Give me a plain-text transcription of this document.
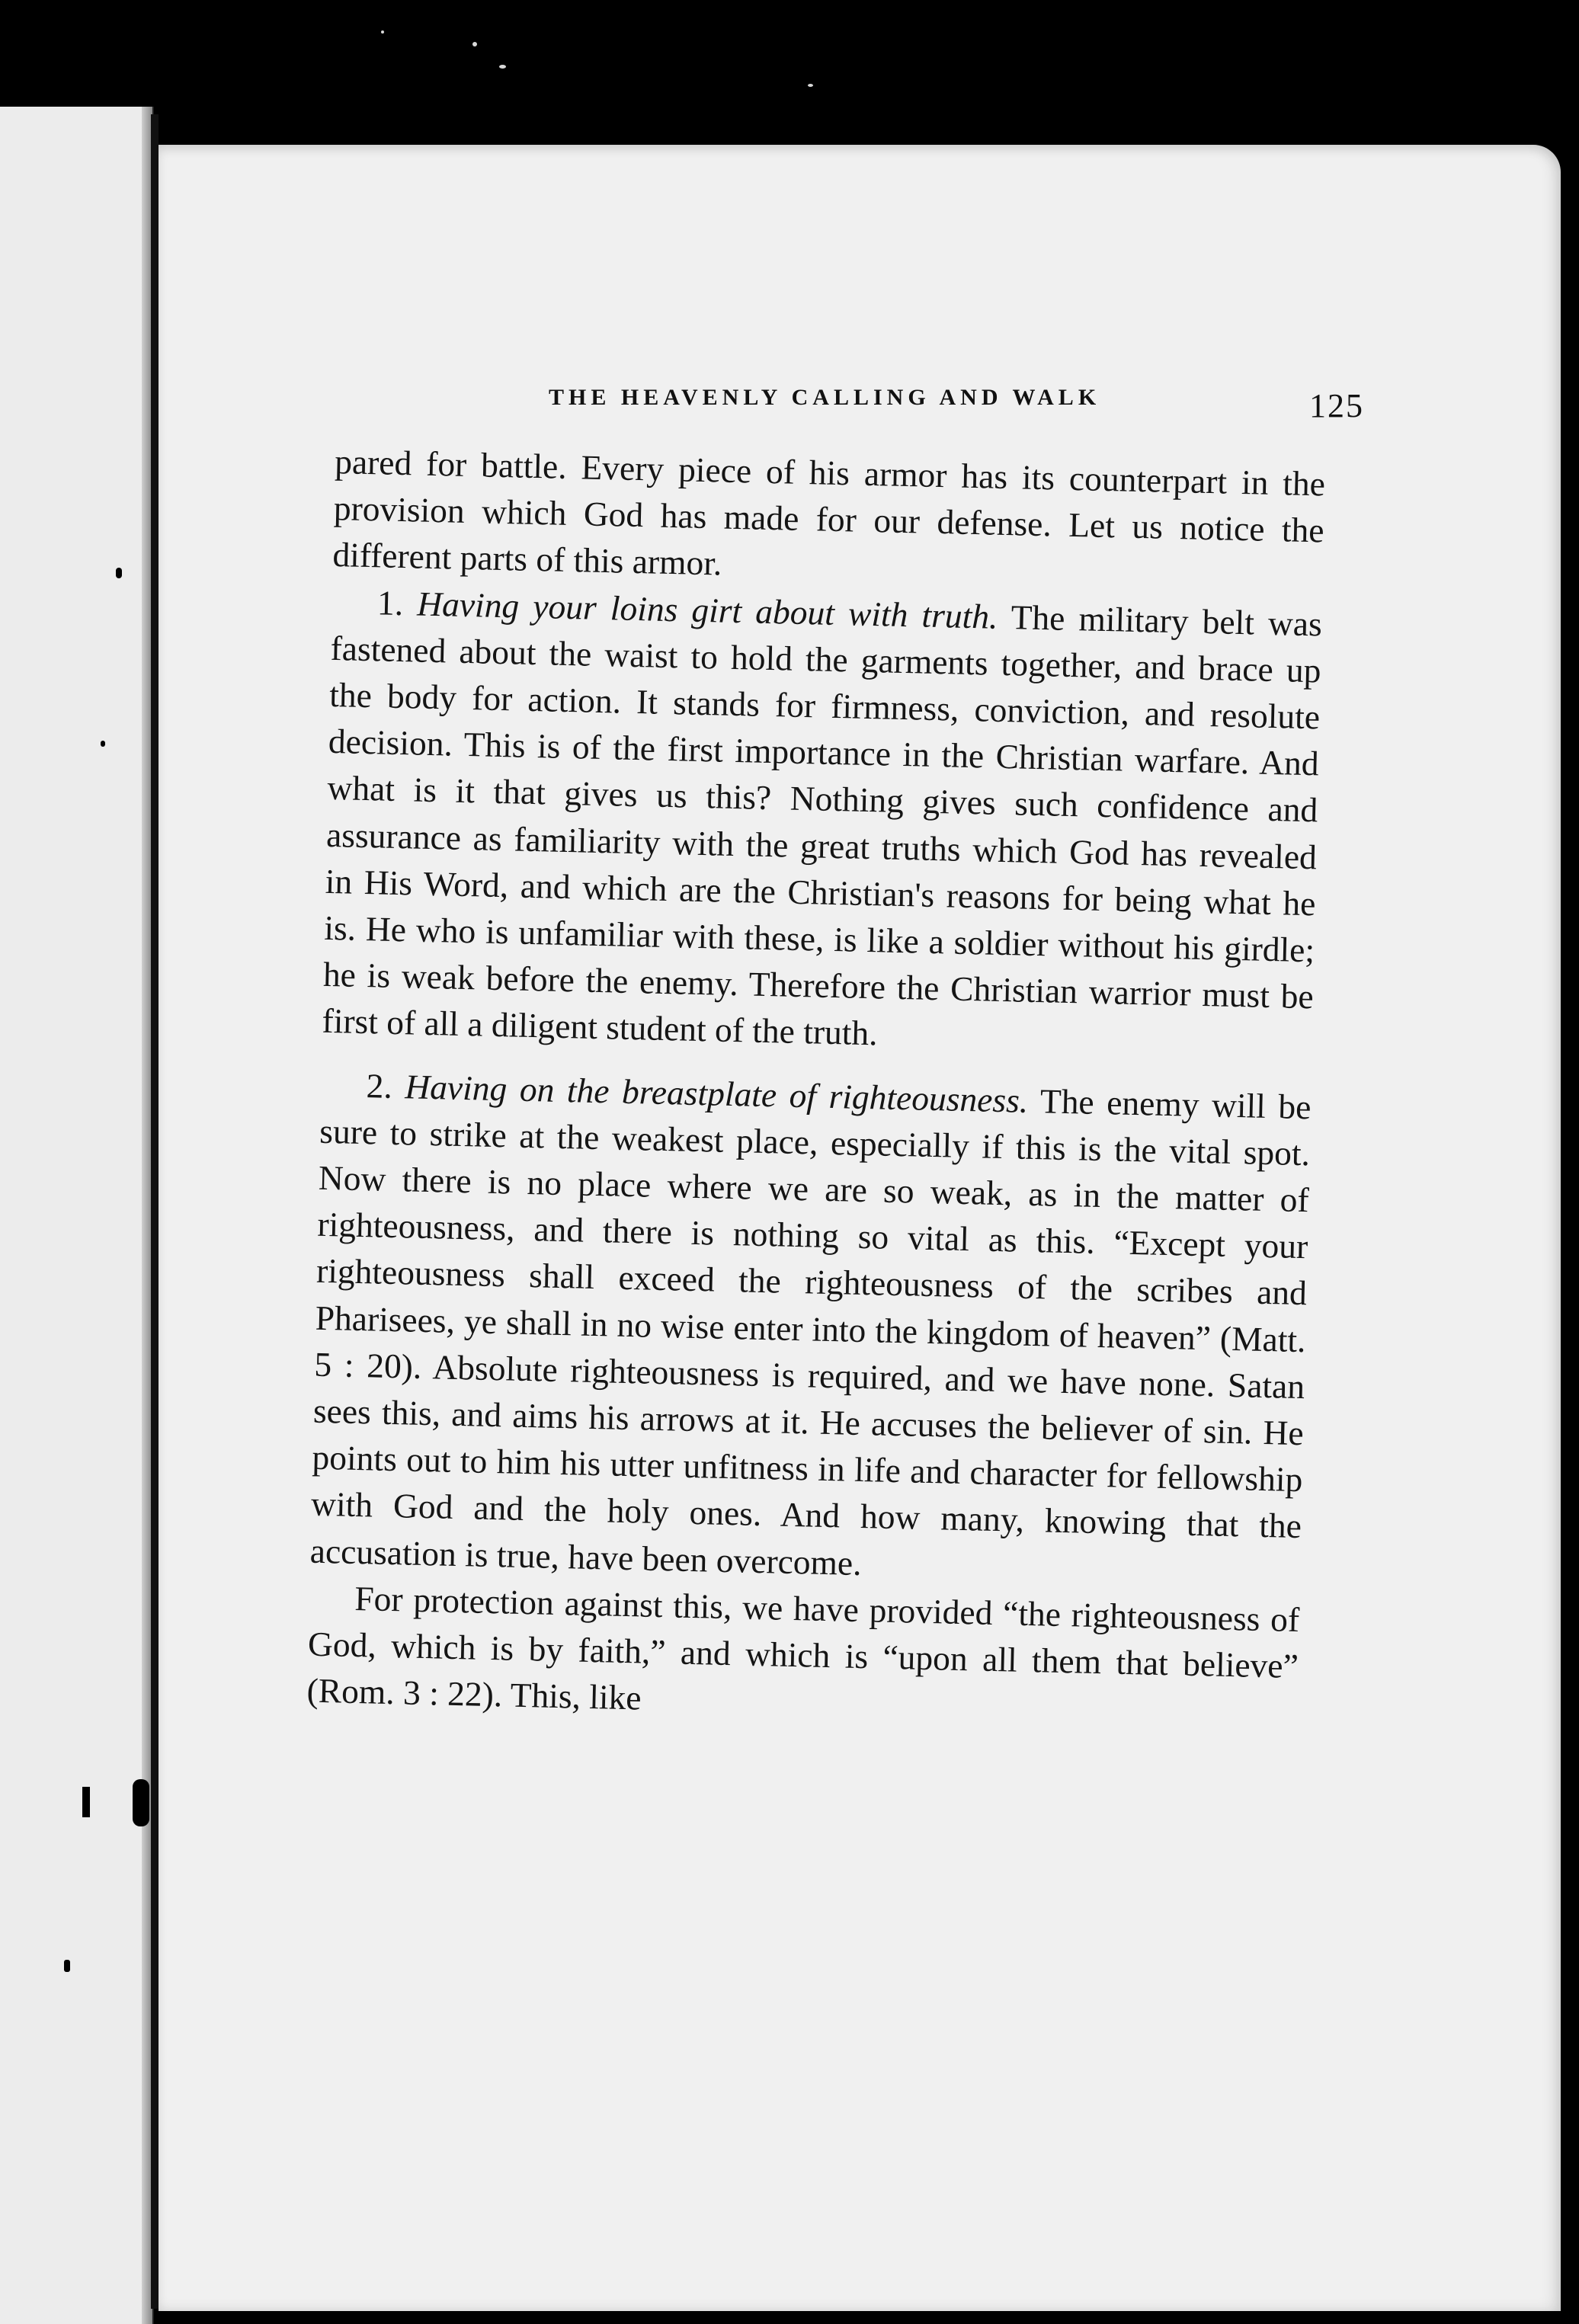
THE HEAVENLY CALLING AND WALK	125

pared for battle. Every piece of his armor has its counterpart in the provision which God has made for our defense. Let us notice the different parts of this armor.

1. Having your loins girt about with truth. The military belt was fastened about the waist to hold the garments together, and brace up the body for action. It stands for firmness, conviction, and resolute decision. This is of the first importance in the Christian warfare. And what is it that gives us this? Nothing gives such confidence and assurance as familiarity with the great truths which God has revealed in His Word, and which are the Christian's reasons for being what he is. He who is unfamiliar with these, is like a soldier without his girdle; he is weak before the enemy. Therefore the Christian warrior must be first of all a diligent student of the truth.

2. Having on the breastplate of righteousness. The enemy will be sure to strike at the weakest place, especially if this is the vital spot. Now there is no place where we are so weak, as in the matter of righteousness, and there is nothing so vital as this. “Except your righteousness shall exceed the righteousness of the scribes and Pharisees, ye shall in no wise enter into the kingdom of heaven” (Matt. 5 : 20). Absolute righteousness is required, and we have none. Satan sees this, and aims his arrows at it. He accuses the believer of sin. He points out to him his utter unfitness in life and character for fellowship with God and the holy ones. And how many, knowing that the accusation is true, have been overcome.

For protection against this, we have provided “the righteousness of God, which is by faith,” and which is “upon all them that believe” (Rom. 3 : 22). This, like
